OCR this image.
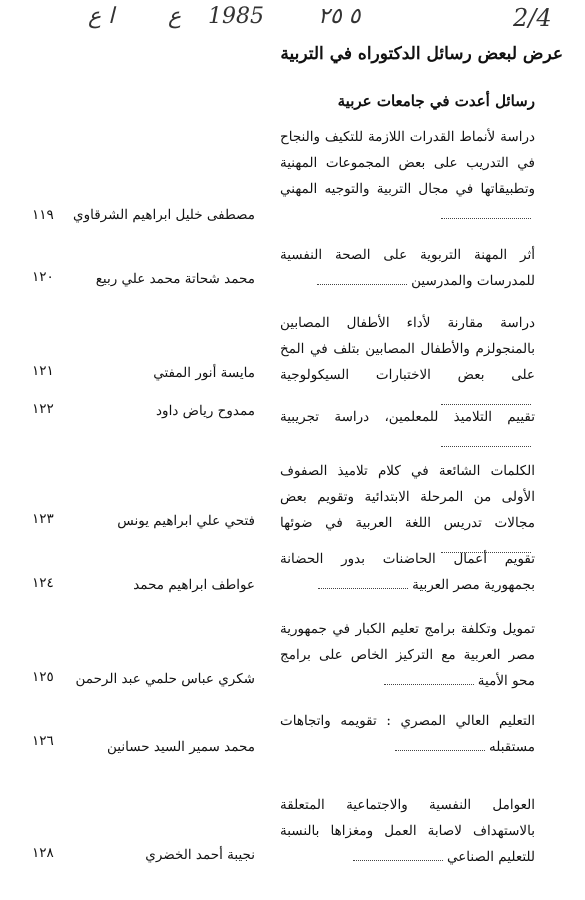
ا ع ع 1985 ٥ ٢٥	2/4
عرض لبعض رسائل الدكتوراه في التربية
رسائل أعدت في جامعات عربية
دراسة لأنماط القدرات اللازمة للتكيف والنجاح في التدريب على بعض المجموعات المهنية وتطبيقاتها في مجال التربية والتوجيه المهني
مصطفى خليل ابراهيم الشرقاوي
١١٩
أثر المهنة التربوية على الصحة النفسية للمدرسات والمدرسين
محمد شحاتة محمد علي ربيع
١٢٠
دراسة مقارنة لأداء الأطفال المصابين بالمنجولزم والأطفال المصابين بتلف في المخ على بعض الاختبارات السيكولوجية
مايسة أنور المفتي
١٢١
تقييم التلاميذ للمعلمين، دراسة تجريبية
ممدوح رياض داود
١٢٢
الكلمات الشائعة في كلام تلاميذ الصفوف الأولى من المرحلة الابتدائية وتقويم بعض مجالات تدريس اللغة العربية في ضوئها
فتحي علي ابراهيم يونس
١٢٣
تقويم أعمال الحاضنات بدور الحضانة بجمهورية مصر العربية
عواطف ابراهيم محمد
١٢٤
تمويل وتكلفة برامج تعليم الكبار في جمهورية مصر العربية مع التركيز الخاص على برامج محو الأمية
شكري عباس حلمي عبد الرحمن
١٢٥
التعليم العالي المصري : تقويمه واتجاهات مستقبله
محمد سمير السيد حسانين
١٢٦
العوامل النفسية والاجتماعية المتعلقة بالاستهداف لاصابة العمل ومغزاها بالنسبة للتعليم الصناعي
نجيبة أحمد الخضري
١٢٨
